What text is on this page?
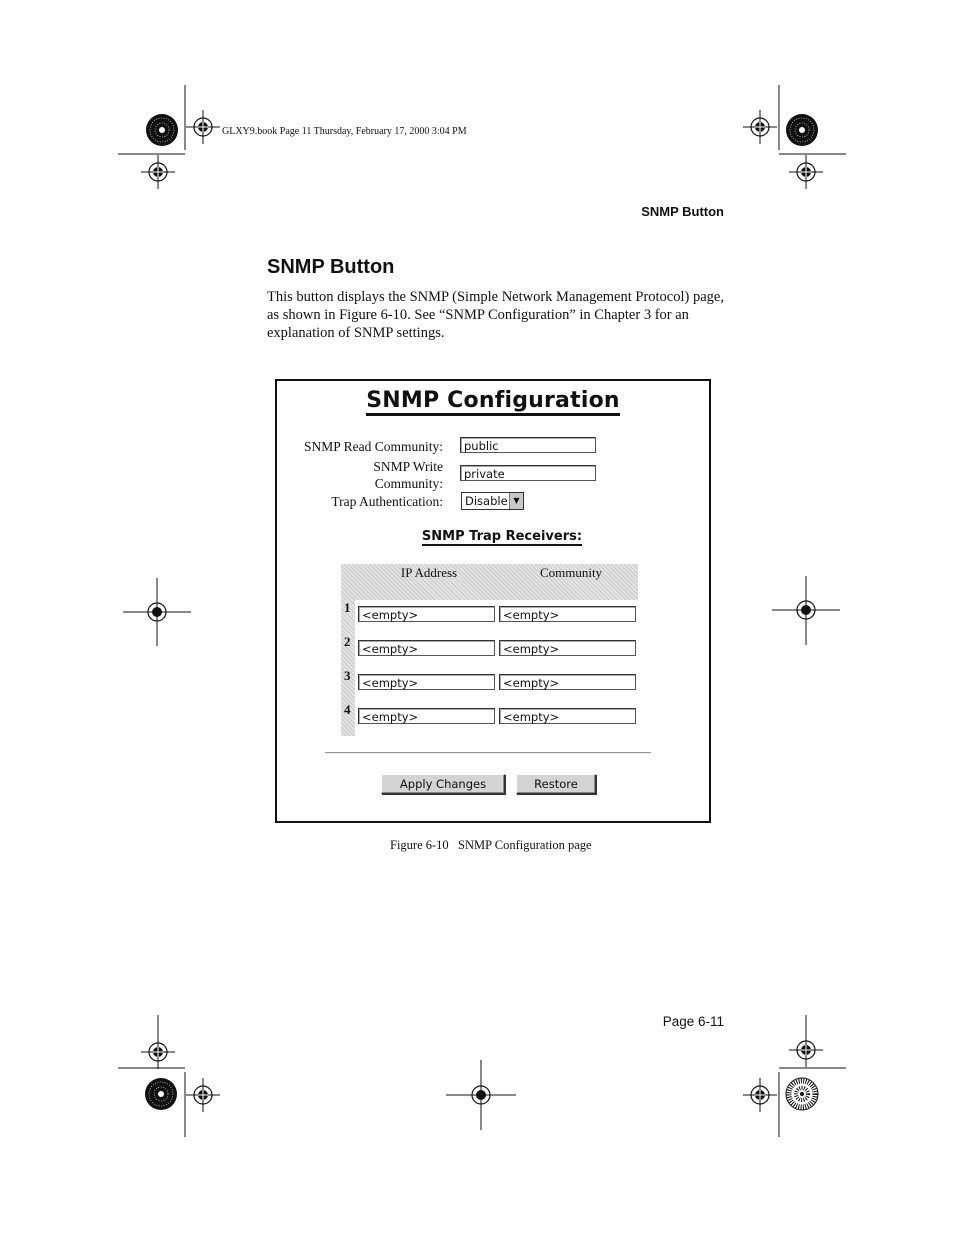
GLXY9.book Page 11 Thursday, February 17, 2000 3:04 PM
SNMP Button
SNMP Button
This button displays the SNMP (Simple Network Management Protocol) page, as shown in Figure 6-10. See “SNMP Configuration” in Chapter 3 for an explanation of SNMP settings.
SNMP Configuration
SNMP Read Community:	public
SNMP Write
Community:
private
Trap Authentication:	Disable ▼
SNMP Trap Receivers:
IP Address	Community
1	<empty>	<empty>
2	<empty>	<empty>
3	<empty>	<empty>
4	<empty>	<empty>
Apply Changes	Restore
Figure 6-10   SNMP Configuration page
Page 6-11
